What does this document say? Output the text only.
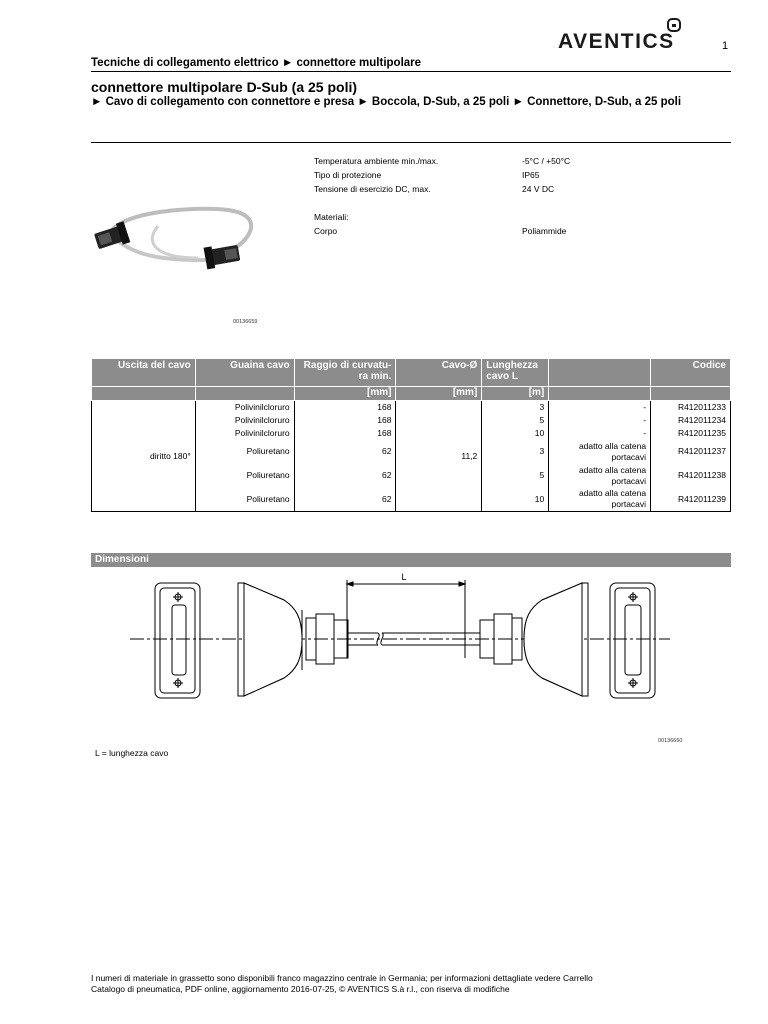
AVENTICS	1
Tecniche di collegamento elettrico ► connettore multipolare
connettore multipolare D-Sub (a 25 poli)
► Cavo di collegamento con connettore e presa ► Boccola, D-Sub, a 25 poli ► Connettore, D-Sub, a 25 poli
00136659
Temperatura ambiente min./max.	-5°C / +50°C
Tipo di protezione	IP65
Tensione di esercizio DC, max.	24 V DC
Materiali:
Corpo	Poliammide
Uscita del cavo	Guaina cavo	Raggio di curvatu-ra min.	Cavo-Ø	Lunghezza cavo L		Codice
		[mm]	[mm]	[m]		
diritto 180°	Polivinilcloruro	168	11,2	3	-	R412011233
	Polivinilcloruro	168		5	-	R412011234
	Polivinilcloruro	168		10	-	R412011235
	Poliuretano	62		3	adatto alla catena portacavi	R412011237
	Poliuretano	62		5	adatto alla catena portacavi	R412011238
	Poliuretano	62		10	adatto alla catena portacavi	R412011239
Dimensioni
L
00136660
L = lunghezza cavo
I numeri di materiale in grassetto sono disponibili franco magazzino centrale in Germania; per informazioni dettagliate vedere Carrello
Catalogo di pneumatica, PDF online, aggiornamento 2016-07-25, © AVENTICS S.à r.l., con riserva di modifiche
